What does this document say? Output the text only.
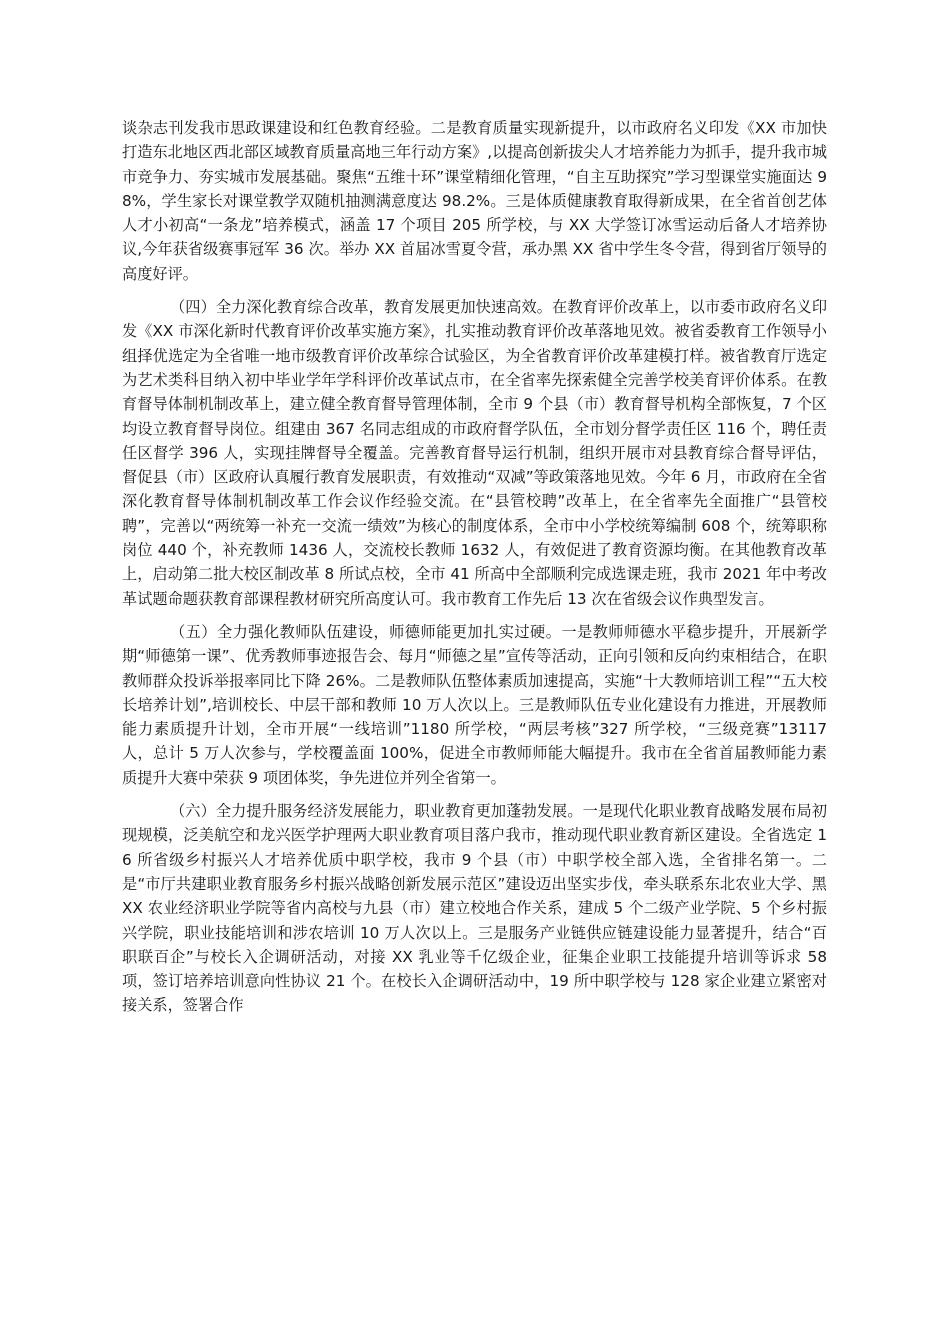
谈杂志刊发我市思政课建设和红色教育经验。二是教育质量实现新提升，以市政府名义印发《XX 市加快打造东北地区西北部区域教育质量高地三年行动方案》,以提高创新拔尖人才培养能力为抓手，提升我市城市竞争力、夯实城市发展基础。聚焦“五维十环”课堂精细化管理，“自主互助探究”学习型课堂实施面达 98%，学生家长对课堂教学双随机抽测满意度达 98.2%。三是体质健康教育取得新成果，在全省首创艺体人才小初高“一条龙”培养模式，涵盖 17 个项目 205 所学校，与 XX 大学签订冰雪运动后备人才培养协议,今年获省级赛事冠军 36 次。举办 XX 首届冰雪夏令营，承办黑 XX 省中学生冬令营，得到省厅领导的高度好评。

（四）全力深化教育综合改革，教育发展更加快速高效。在教育评价改革上，以市委市政府名义印发《XX 市深化新时代教育评价改革实施方案》，扎实推动教育评价改革落地见效。被省委教育工作领导小组择优选定为全省唯一地市级教育评价改革综合试验区，为全省教育评价改革建模打样。被省教育厅选定为艺术类科目纳入初中毕业学年学科评价改革试点市，在全省率先探索健全完善学校美育评价体系。在教育督导体制机制改革上，建立健全教育督导管理体制，全市 9 个县（市）教育督导机构全部恢复，7 个区均设立教育督导岗位。组建由 367 名同志组成的市政府督学队伍，全市划分督学责任区 116 个，聘任责任区督学 396 人，实现挂牌督导全覆盖。完善教育督导运行机制，组织开展市对县教育综合督导评估，督促县（市）区政府认真履行教育发展职责，有效推动“双减”等政策落地见效。今年 6 月，市政府在全省深化教育督导体制机制改革工作会议作经验交流。在“县管校聘”改革上，在全省率先全面推广“县管校聘”，完善以“两统筹一补充一交流一绩效”为核心的制度体系，全市中小学校统筹编制 608 个，统筹职称岗位 440 个，补充教师 1436 人，交流校长教师 1632 人，有效促进了教育资源均衡。在其他教育改革上，启动第二批大校区制改革 8 所试点校，全市 41 所高中全部顺利完成选课走班，我市 2021 年中考改革试题命题获教育部课程教材研究所高度认可。我市教育工作先后 13 次在省级会议作典型发言。

（五）全力强化教师队伍建设，师德师能更加扎实过硬。一是教师师德水平稳步提升，开展新学期“师德第一课”、优秀教师事迹报告会、每月“师德之星”宣传等活动，正向引领和反向约束相结合，在职教师群众投诉举报率同比下降 26%。二是教师队伍整体素质加速提高，实施“十大教师培训工程”“五大校长培养计划”,培训校长、中层干部和教师 10 万人次以上。三是教师队伍专业化建设有力推进，开展教师能力素质提升计划，全市开展“一线培训”1180 所学校，“两层考核”327 所学校，“三级竞赛”13117 人，总计 5 万人次参与，学校覆盖面 100%，促进全市教师师能大幅提升。我市在全省首届教师能力素质提升大赛中荣获 9 项团体奖，争先进位并列全省第一。

（六）全力提升服务经济发展能力，职业教育更加蓬勃发展。一是现代化职业教育战略发展布局初现规模，泛美航空和龙兴医学护理两大职业教育项目落户我市，推动现代职业教育新区建设。全省选定 16 所省级乡村振兴人才培养优质中职学校，我市 9 个县（市）中职学校全部入选，全省排名第一。二是“市厅共建职业教育服务乡村振兴战略创新发展示范区”建设迈出坚实步伐，牵头联系东北农业大学、黑 XX 农业经济职业学院等省内高校与九县（市）建立校地合作关系，建成 5 个二级产业学院、5 个乡村振兴学院，职业技能培训和涉农培训 10 万人次以上。三是服务产业链供应链建设能力显著提升，结合“百职联百企”与校长入企调研活动，对接 XX 乳业等千亿级企业，征集企业职工技能提升培训等诉求 58 项，签订培养培训意向性协议 21 个。在校长入企调研活动中，19 所中职学校与 128 家企业建立紧密对接关系，签署合作
